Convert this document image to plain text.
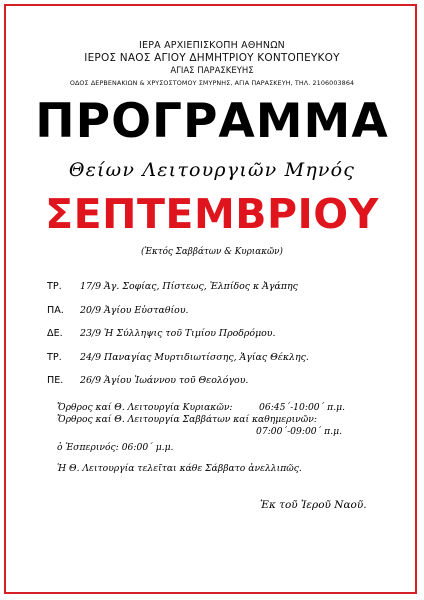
ΙΕΡΑ ΑΡΧΙΕΠΙΣΚΟΠΗ ΑΘΗΝΩΝ
ΙΕΡΟΣ ΝΑΟΣ ΑΓΙΟΥ ΔΗΜΗΤΡΙΟΥ ΚΟΝΤΟΠΕΥΚΟΥ
ΑΓΙΑΣ ΠΑΡΑΣΚΕΥΗΣ
ΟΔΟΣ ΔΕΡΒΕΝΑΚΙΩΝ & ΧΡΥΣΟΣΤΟΜΟΥ ΣΜΥΡΝΗΣ, ΑΓΙΑ ΠΑΡΑΣΚΕΥΗ, ΤΗΛ. 2106003864
ΠΡΟΓΡΑΜΜΑ
Θείων Λειτουργιῶν Μηνός
ΣΕΠΤΕΜΒΡΙΟΥ
(Ἐκτός Σαββάτων & Κυριακῶν)
ΤΡ. 17/9 Ἁγ. Σοφίας, Πίστεως, Ἐλπίδος κ Ἀγάπης
ΠΑ. 20/9 Ἁγίου Εὐσταθίου.
ΔΕ. 23/9 Ἡ Σύλληψις τοῦ Τιμίου Προδρόμου.
ΤΡ. 24/9 Παναγίας Μυρτιδιωτίσσης, Ἁγίας Θέκλης.
ΠΕ. 26/9 Ἁγίου Ἰωάννου τοῦ Θεολόγου.
Ὄρθρος καί Θ. Λειτουργία Κυριακῶν:	06:45΄-10:00΄ π.μ.
Ὄρθρος καί Θ. Λειτουργία Σαββάτων καί καθημερινῶν:
07:00΄-09:00΄ π.μ.
ὁ Ἑσπερινός: 06:00΄ μ.μ.
Ἡ Θ. Λειτουργία τελεῖται κάθε Σάββατο ἀνελλιπῶς.
Ἐκ τοῦ Ἱεροῦ Ναοῦ.
